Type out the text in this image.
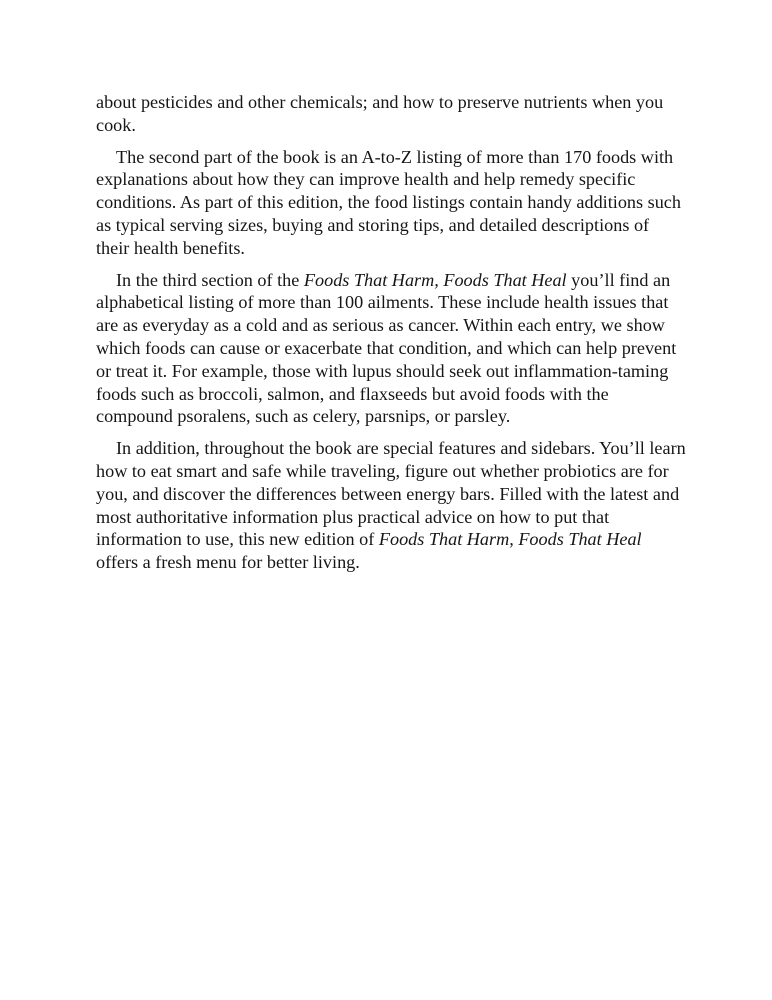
about pesticides and other chemicals; and how to preserve nutrients when you cook.

The second part of the book is an A-to-Z listing of more than 170 foods with explanations about how they can improve health and help remedy specific conditions. As part of this edition, the food listings contain handy additions such as typical serving sizes, buying and storing tips, and detailed descriptions of their health benefits.

In the third section of the Foods That Harm, Foods That Heal you’ll find an alphabetical listing of more than 100 ailments. These include health issues that are as everyday as a cold and as serious as cancer. Within each entry, we show which foods can cause or exacerbate that condition, and which can help prevent or treat it. For example, those with lupus should seek out inflammation-taming foods such as broccoli, salmon, and flaxseeds but avoid foods with the compound psoralens, such as celery, parsnips, or parsley.

In addition, throughout the book are special features and sidebars. You’ll learn how to eat smart and safe while traveling, figure out whether probiotics are for you, and discover the differences between energy bars. Filled with the latest and most authoritative information plus practical advice on how to put that information to use, this new edition of Foods That Harm, Foods That Heal offers a fresh menu for better living.
